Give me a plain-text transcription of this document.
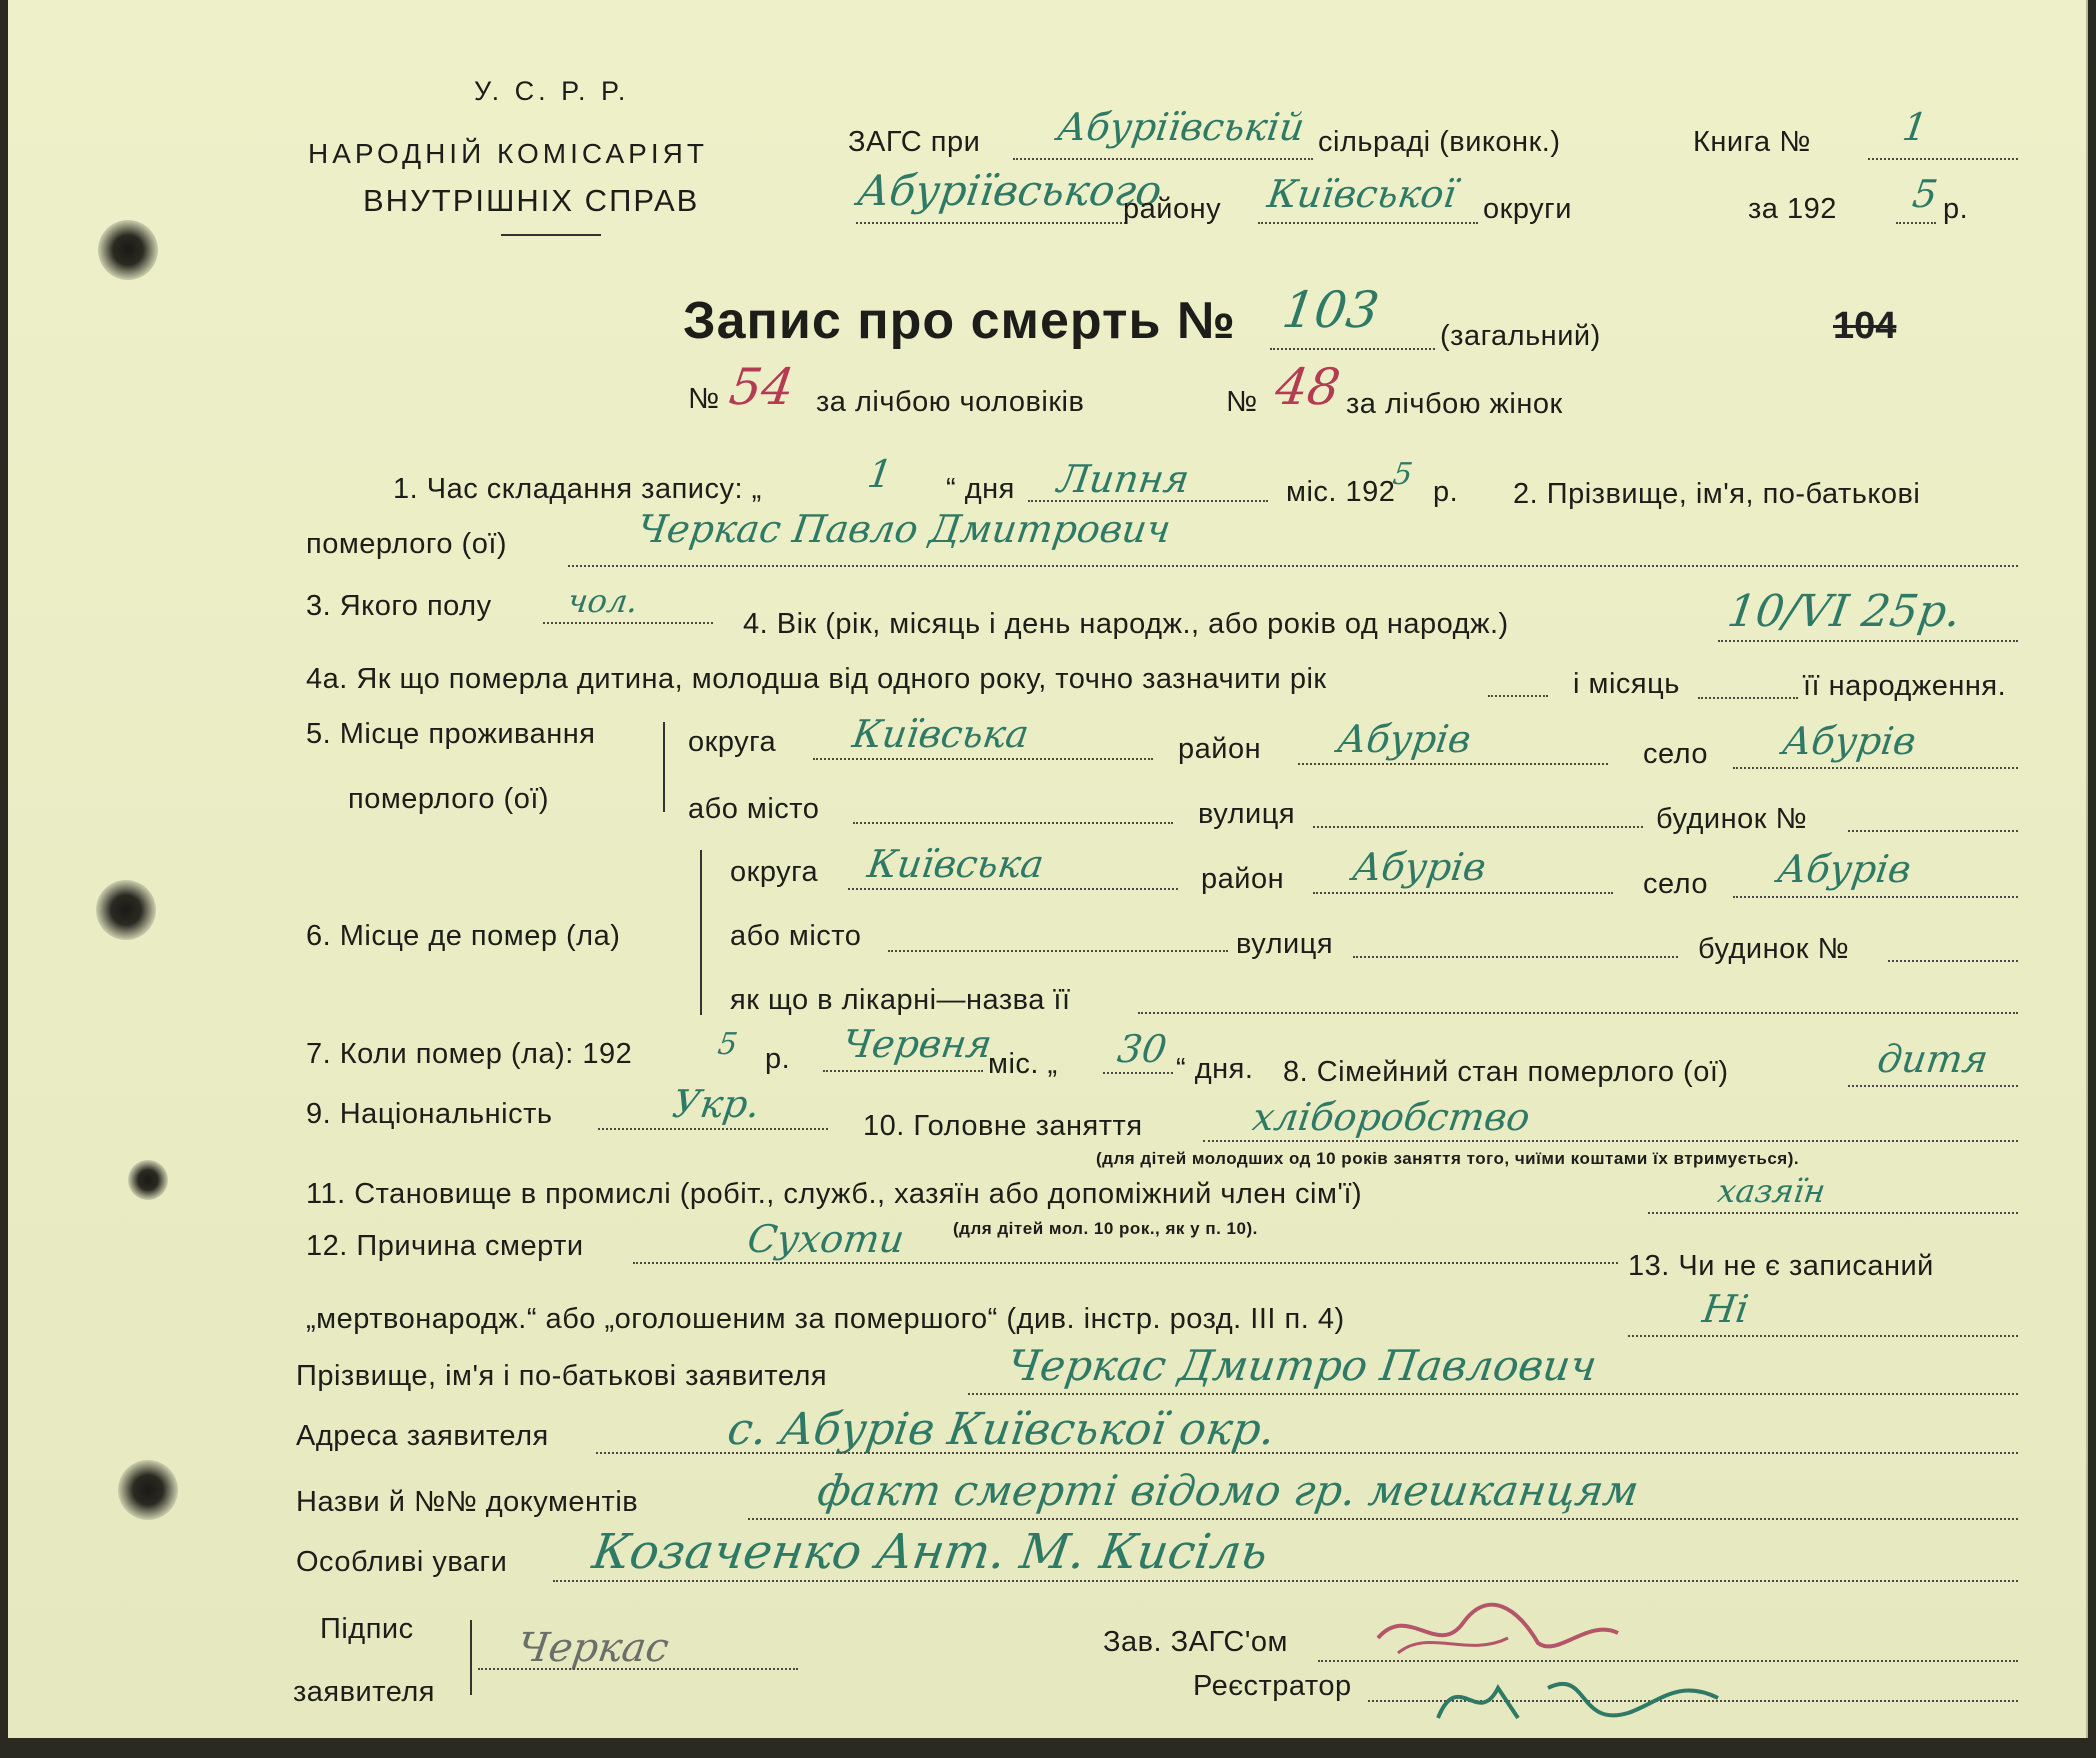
У. С. Р. Р.
НАРОДНІЙ КОМІСАРІЯТ
ВНУТРІШНІХ СПРАВ
ЗАГС при Абуріївській сільраді (виконк.)	Книга № 1
Абуріївського
району Київської округи	за 192 5 р.
Запис про смерть № 103 (загальний)	104
№ 54 за лічбою чоловіків	№ 48 за лічбою жінок
1. Час складання запису: „	1 “ дня Липня	міс. 192
5 р. 2. Прізвище, ім'я, по-батькові
померлого (ої)	Черкас Павло Дмитрович
3. Якого полу чол.
4. Вік (рік, місяць і день народж., або років од народж.)	10/VI 25р.
4а. Як що померла дитина, молодша від одного року, точно зазначити рік	і місяць	її народження.
5. Місце проживання
померлого (ої)
округа Київська	район Абурів	село Абурів
або місто	вулиця	будинок №
округа Київська	район Абурів	село Абурів
6. Місце де помер (ла)	або місто	вулиця	будинок №
як що в лікарні—назва її
7. Коли помер (ла): 192	5 р. Червня
міс. „ 30 “ дня. 8. Сімейний стан померлого (ої)	дитя
9. Національність	Укр.	10. Головне заняття	хліборобство
(для дітей молодших од 10 років заняття того, чиїми коштами їх втримується).
11. Становище в промислі (робіт., служб., хазяїн або допоміжний член сім'ї)	хазяїн
(для дітей мол. 10 рок., як у п. 10).
12. Причина смерти	Сухоти
13. Чи не є записаний
„мертвонародж.“ або „оголошеним за помершого“ (див. інстр. розд. III п. 4)	Ні
Прізвище, ім'я і по-батькові заявителя	Черкас Дмитро Павлович
Адреса заявителя	с. Абурів Київської окр.
Назви й №№ документів	факт смерті відомо гр. мешканцям
Особливі уваги Козаченко Ант. М. Кисіль
Підпис
заявителя
Черкас	Зав. ЗАГС'ом
Реєстратор
